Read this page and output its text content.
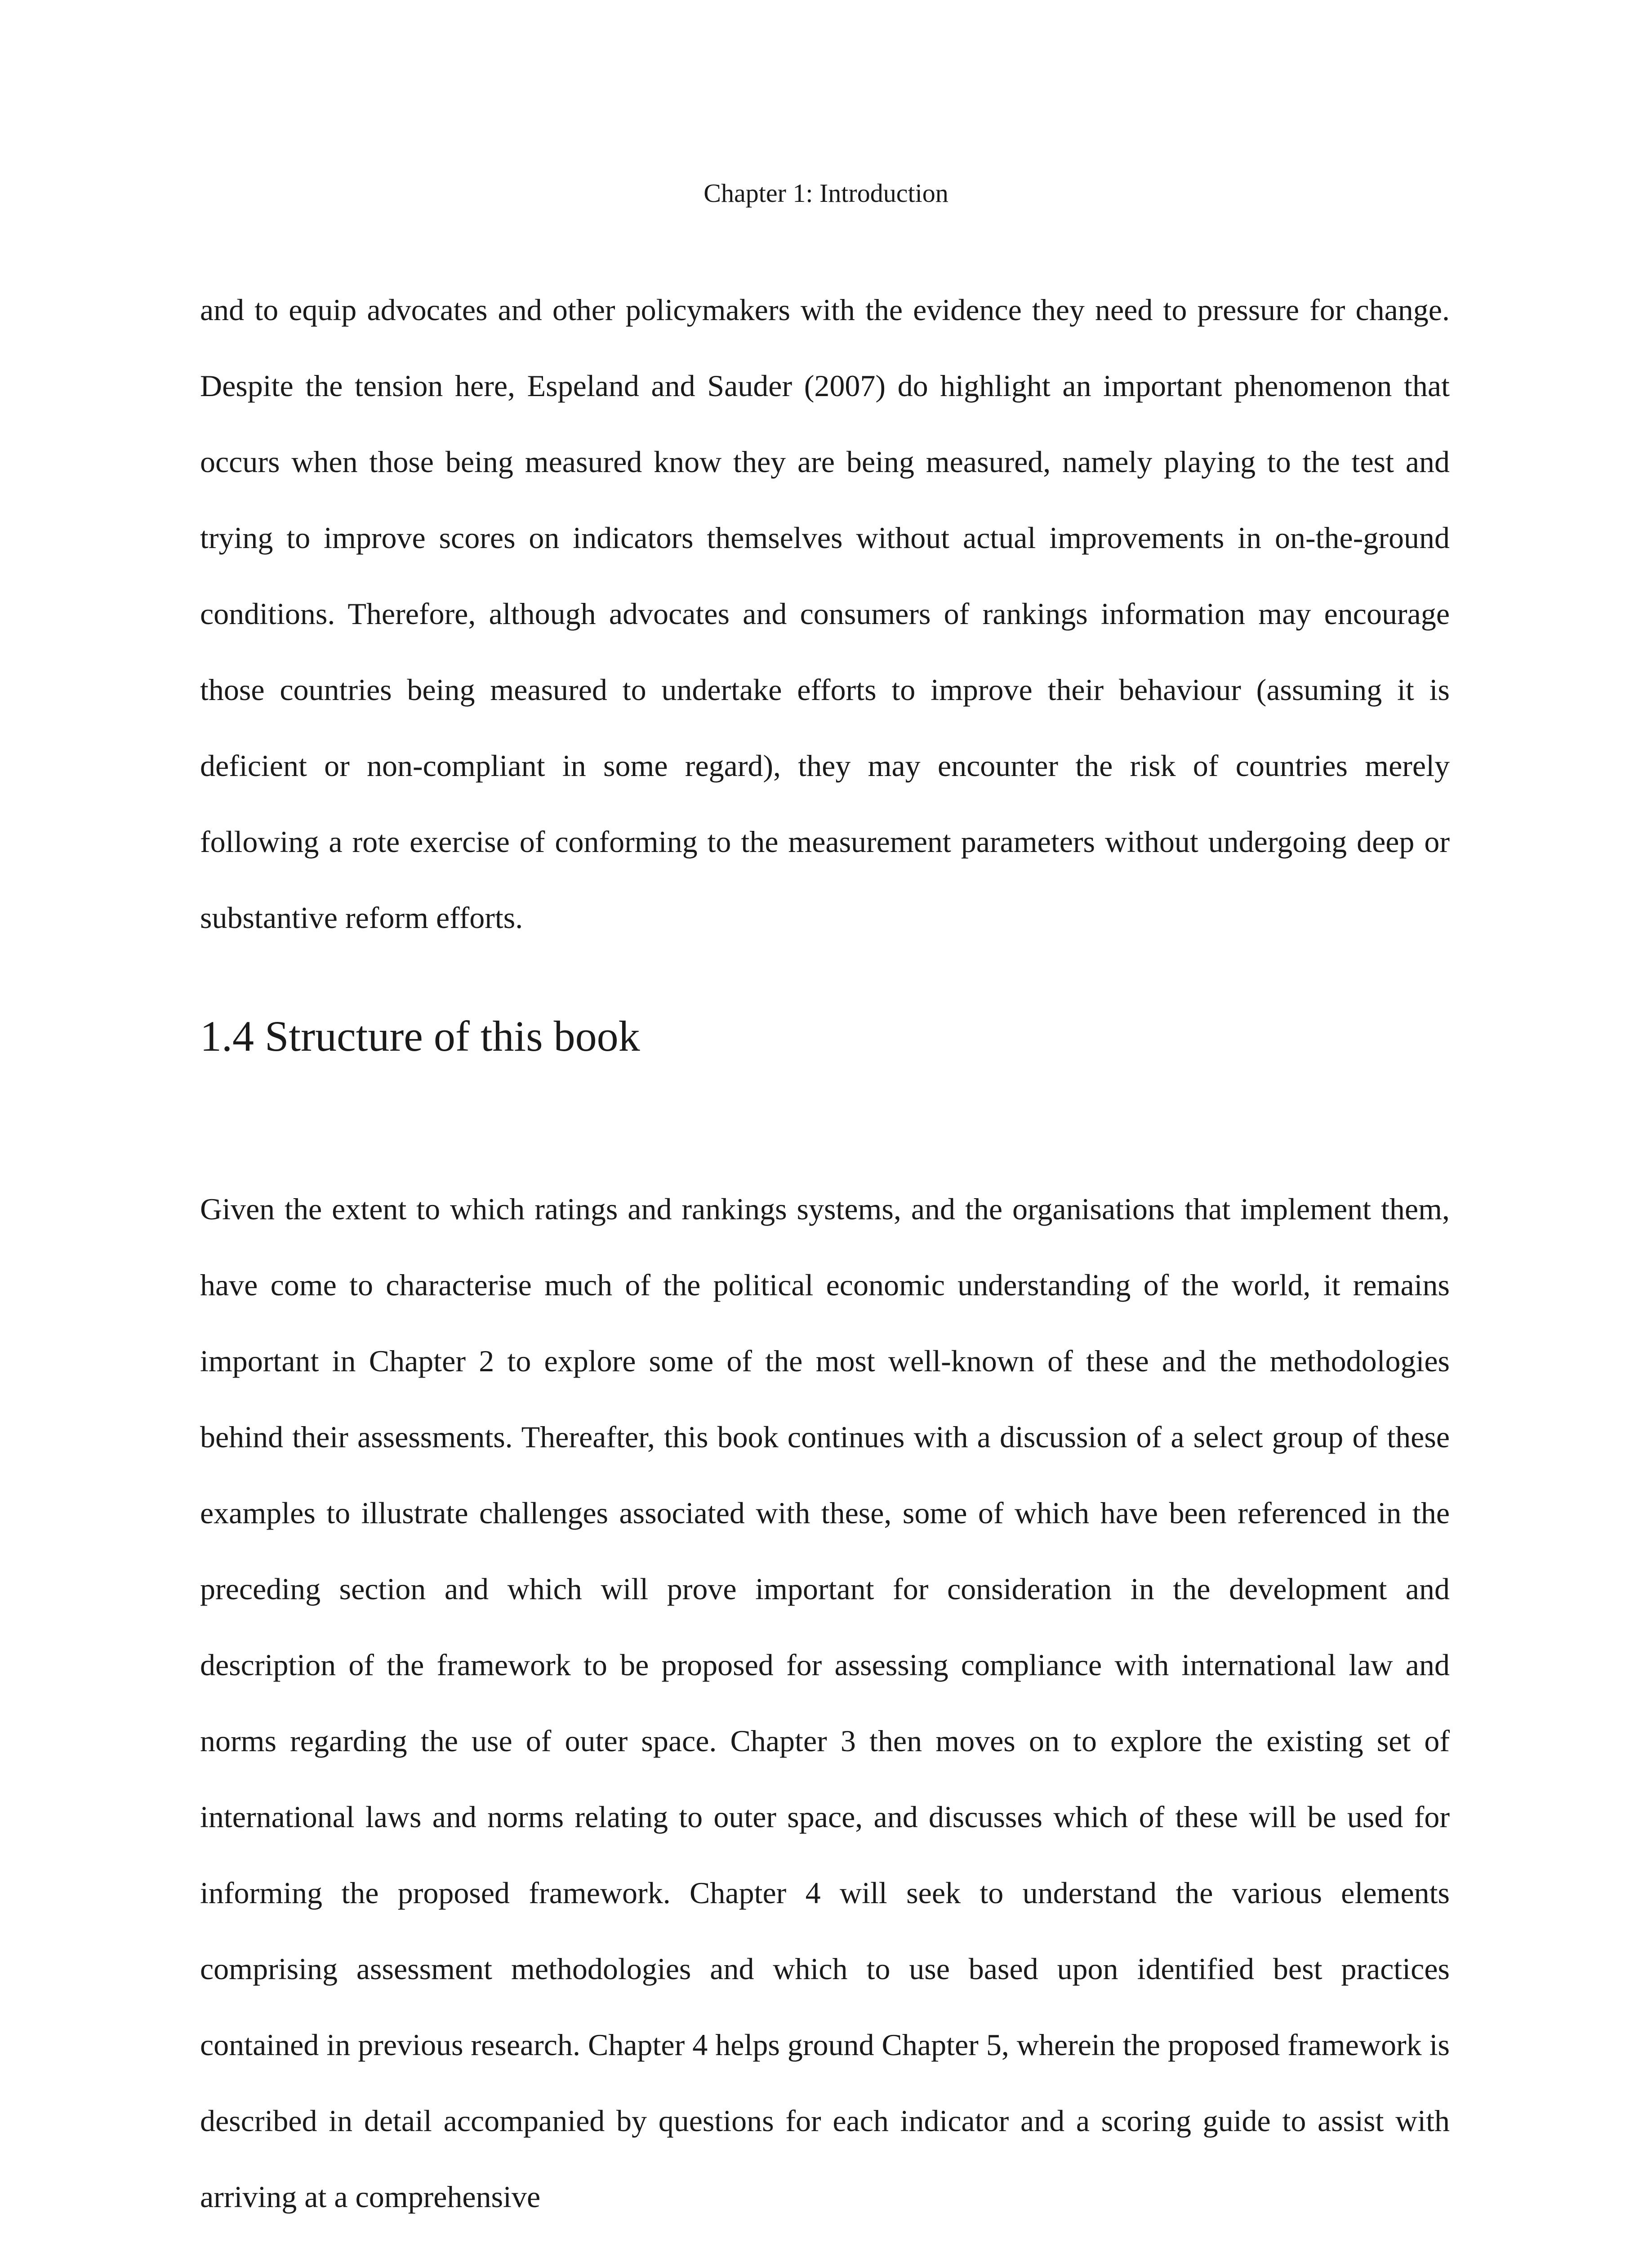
Chapter 1: Introduction

and to equip advocates and other policymakers with the evidence they need to pressure for change. Despite the tension here, Espeland and Sauder (2007) do highlight an important phenomenon that occurs when those being measured know they are being measured, namely playing to the test and trying to improve scores on indicators themselves without actual improvements in on-the-ground conditions. Therefore, although advocates and consumers of rankings information may encourage those countries being measured to undertake efforts to improve their behaviour (assuming it is deficient or non-compliant in some regard), they may encounter the risk of countries merely following a rote exercise of conforming to the measurement parameters without undergoing deep or substantive reform efforts.

1.4 Structure of this book

Given the extent to which ratings and rankings systems, and the organisations that implement them, have come to characterise much of the political economic understanding of the world, it remains important in Chapter 2 to explore some of the most well-known of these and the methodologies behind their assessments. Thereafter, this book continues with a discussion of a select group of these examples to illustrate challenges associated with these, some of which have been referenced in the preceding section and which will prove important for consideration in the development and description of the framework to be proposed for assessing compliance with international law and norms regarding the use of outer space. Chapter 3 then moves on to explore the existing set of international laws and norms relating to outer space, and discusses which of these will be used for informing the proposed framework. Chapter 4 will seek to understand the various elements comprising assessment methodologies and which to use based upon identified best practices contained in previous research. Chapter 4 helps ground Chapter 5, wherein the proposed framework is described in detail accompanied by questions for each indicator and a scoring guide to assist with arriving at a comprehensive
